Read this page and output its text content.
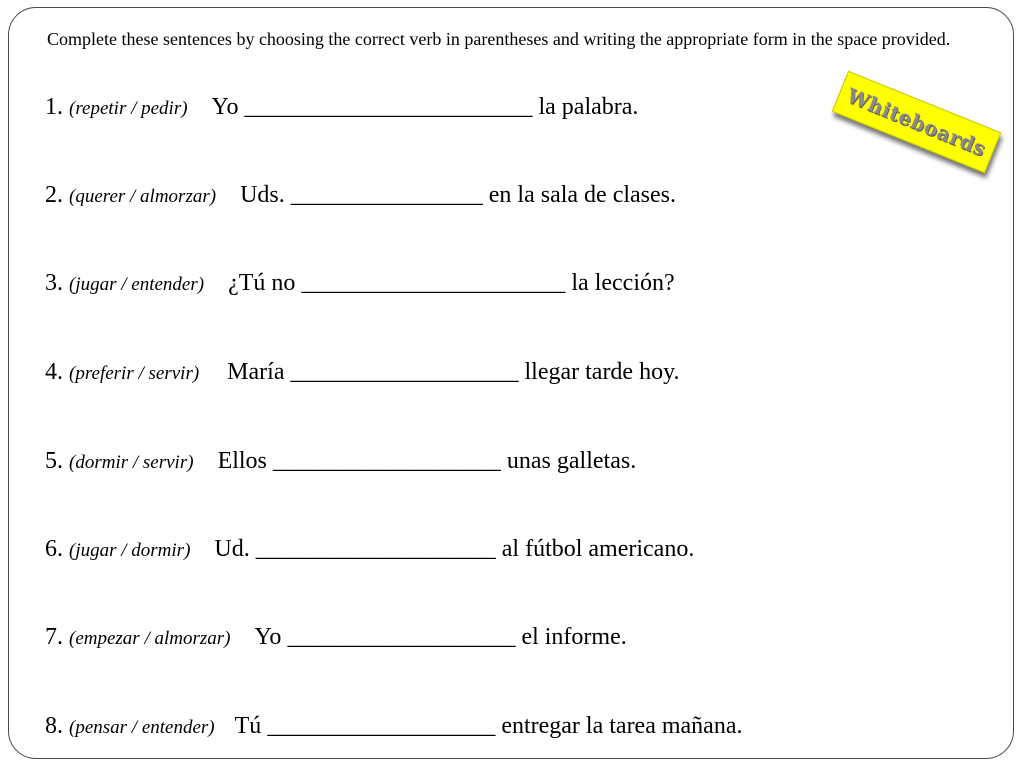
Complete these sentences by choosing the correct verb in parentheses and writing the appropriate form in the space provided.
1. (repetir / pedir) Yo ________________________ la palabra.
2. (querer / almorzar) Uds. ________________ en la sala de clases.
3. (jugar / entender) ¿Tú no ______________________ la lección?
4. (preferir / servir) María ___________________ llegar tarde hoy.
5. (dormir / servir) Ellos ___________________ unas galletas.
6. (jugar / dormir) Ud. ____________________ al fútbol americano.
7. (empezar / almorzar) Yo ___________________ el informe.
8. (pensar / entender) Tú ___________________ entregar la tarea mañana.
Whiteboards
